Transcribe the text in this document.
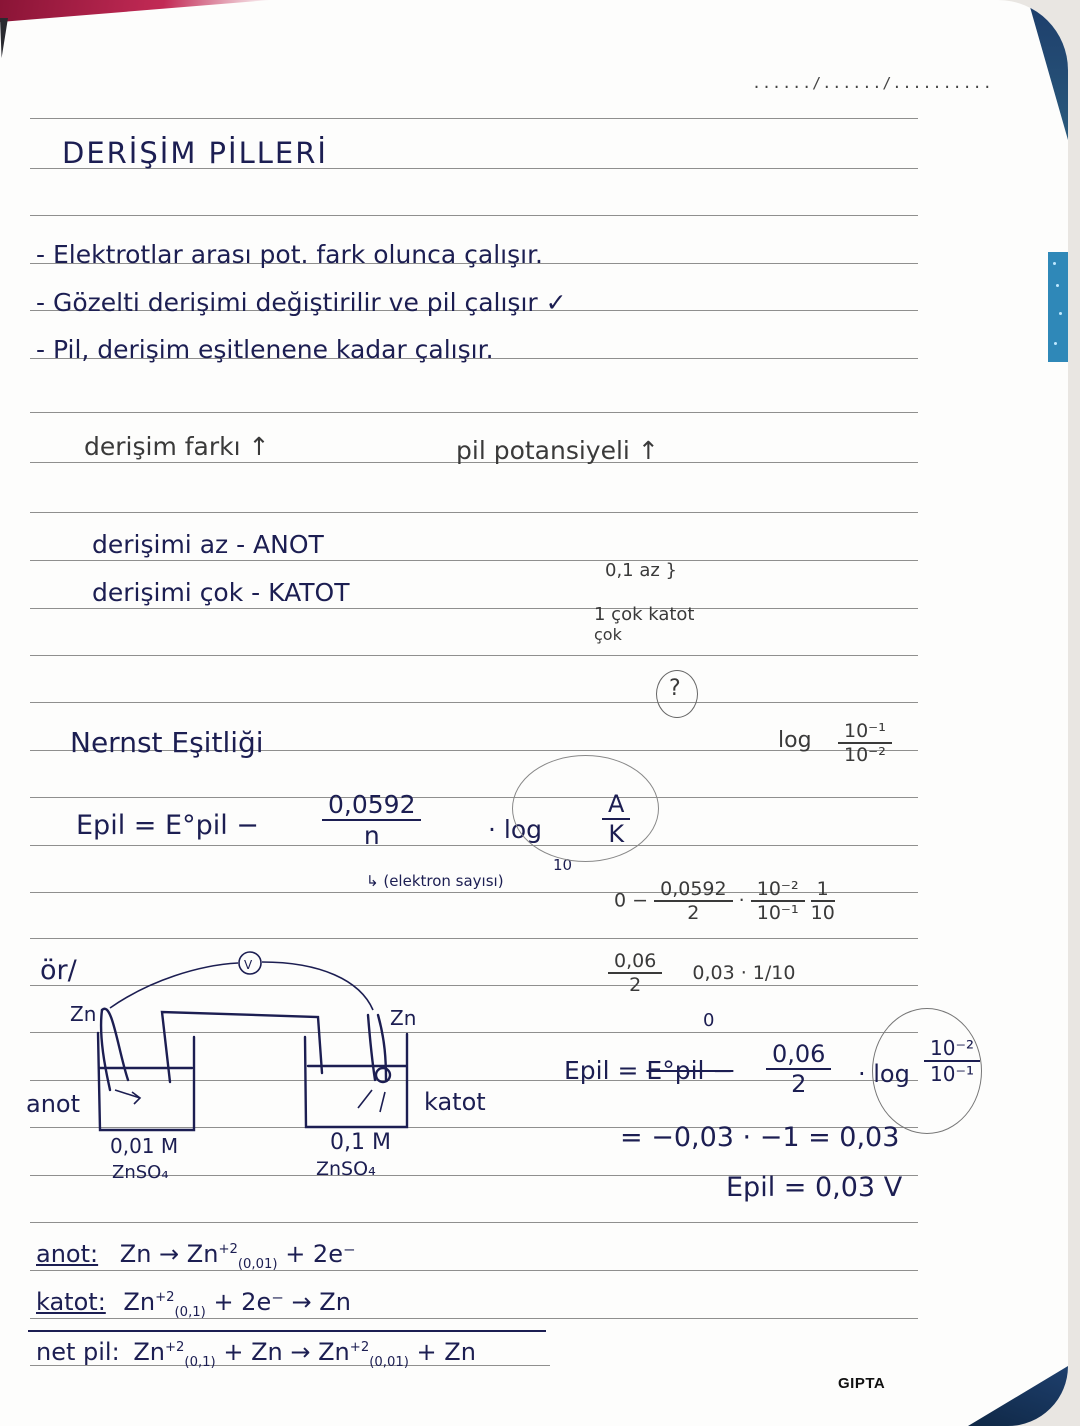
....../....../..........
DERİŞİM PİLLERİ
- Elektrotlar arası pot. fark olunca çalışır.
- Gözelti derişimi değiştirilir ve pil çalışır ✓
- Pil, derişim eşitlenene kadar çalışır.
derişim farkı ↑	pil potansiyeli ↑
derişimi az - ANOT
derişimi çok - KATOT
0,1 az }
1 çok katot
çok
?
Nernst Eşitliği
Epil = E°pil −	$\frac{0,0592}{n}$	· log
10
$\frac{A}{K}$
↳ (elektron sayısı)
$\log \frac{\text{10⁻¹}}{\text{10⁻²}}$
$0 - \frac{0,0592}{2} \cdot \frac{\text{10⁻²}}{\text{10⁻¹}}$
$\frac{1}{10}$
$\frac{0,06}{2} 0,03 \cdot 1/10$
ör/	V
Zn	Zn
anot	katot
0,01 M
ZnSO₄
0,1 M
ZnSO₄
0
Epil = $E^\circ pil - \frac{0,06}{2} \cdot \log \frac{\text{10⁻²}}{\text{10⁻¹}}$
= −0,03 · −1 = 0,03
Epil = 0,03 V
anot: $Zn \to Zn^{+2}_{(0,01)} + 2e^-$
katot: $Zn^{+2}_{(0,1)} + 2e^- \to Zn$
net pil: $Zn^{+2}_{(0,1)} + Zn \to Zn^{+2}_{(0,01)} + Zn$
GIPTA
